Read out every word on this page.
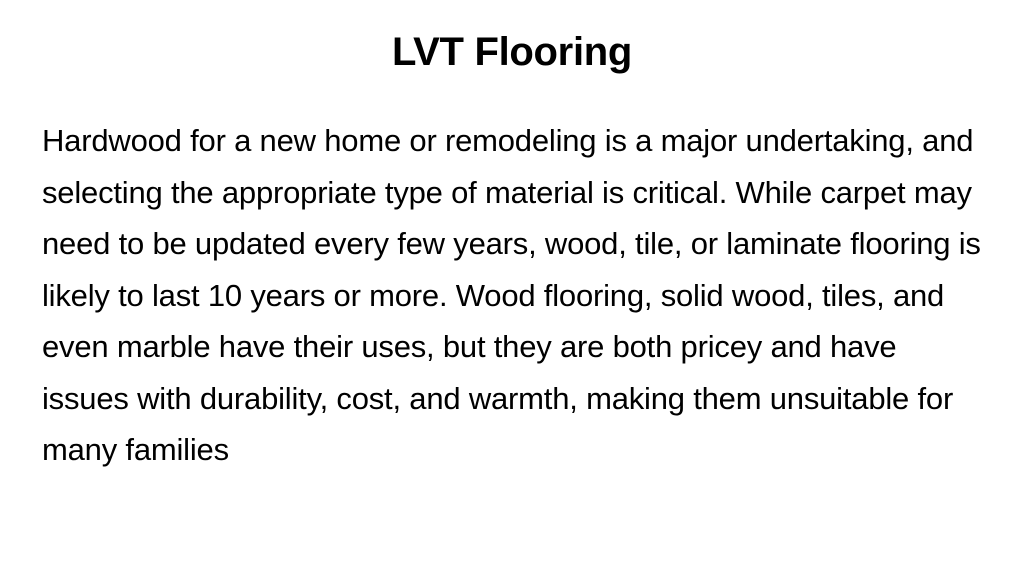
LVT Flooring

Hardwood for a new home or remodeling is a major undertaking, and selecting the appropriate type of material is critical. While carpet may need to be updated every few years, wood, tile, or laminate flooring is likely to last 10 years or more. Wood flooring, solid wood, tiles, and even marble have their uses, but they are both pricey and have issues with durability, cost, and warmth, making them unsuitable for many families
